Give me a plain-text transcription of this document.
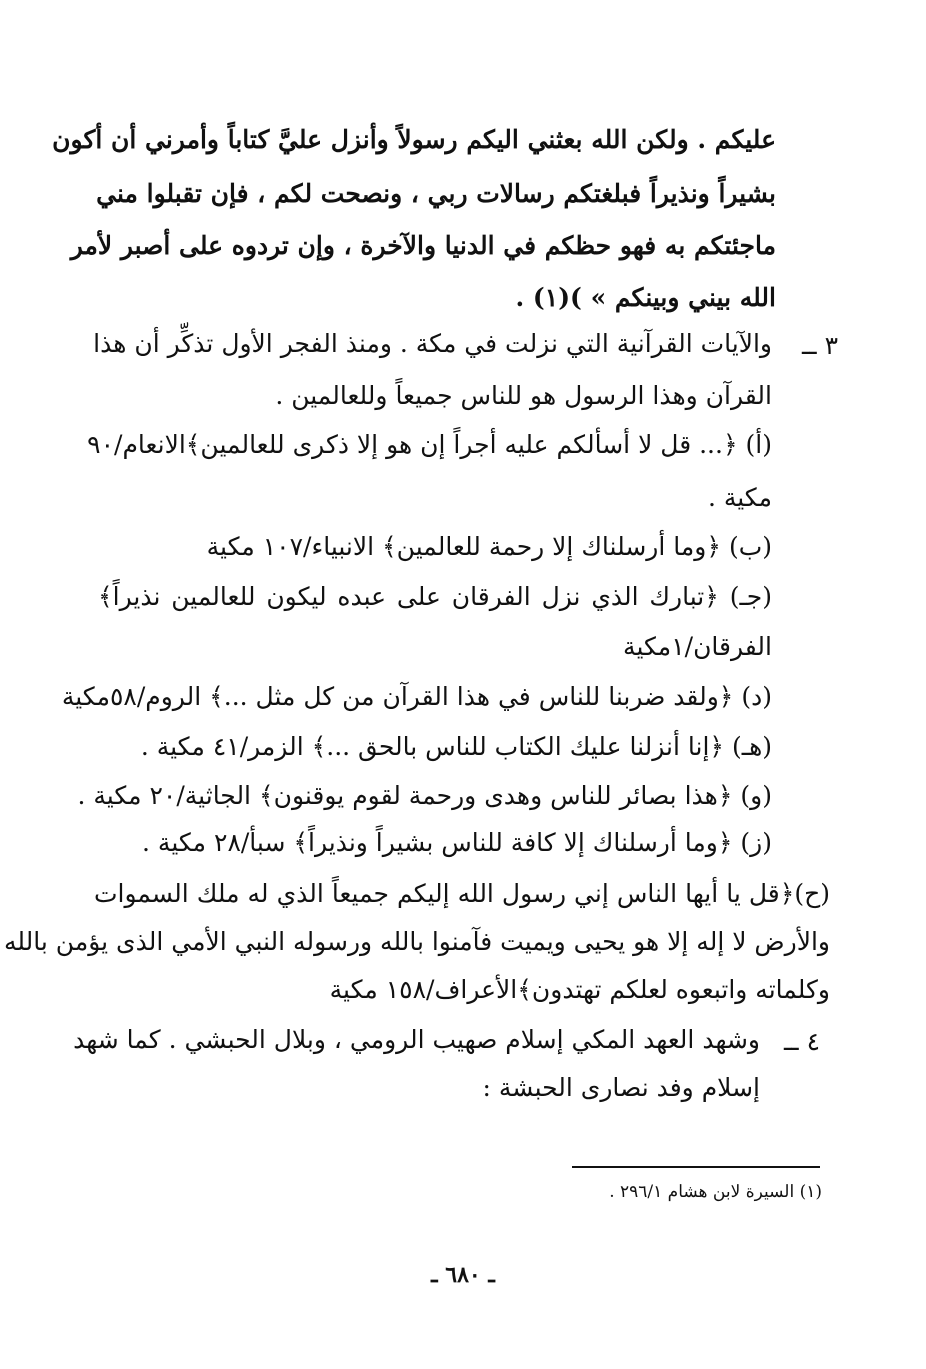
عليكم . ولكن الله بعثني اليكم رسولاً وأنزل عليَّ كتاباً وأمرني أن أكون
بشيراً ونذيراً فبلغتكم رسالات ربي ، ونصحت لكم ، فإن تقبلوا مني
ماجئتكم به فهو حظكم في الدنيا والآخرة ، وإن تردوه على أصبر لأمر
الله بيني وبينكم » )(١) .
٣ ــ
والآيات القرآنية التي نزلت في مكة . ومنذ الفجر الأول تذكِّر أن هذا
القرآن وهذا الرسول هو للناس جميعاً وللعالمين .
(أ) ﴿... قل لا أسألكم عليه أجراً إن هو إلا ذكرى للعالمين﴾الانعام/٩٠
مكية .
(ب) ﴿وما أرسلناك إلا رحمة للعالمين﴾ الانبياء/١٠٧ مكية
(جـ) ﴿تبارك الذي نزل الفرقان على عبده ليكون للعالمين نذيراً﴾
الفرقان/١مكية
(د) ﴿ولقد ضربنا للناس في هذا القرآن من كل مثل ...﴾ الروم/٥٨مكية
(هـ) ﴿إنا أنزلنا عليك الكتاب للناس بالحق ...﴾ الزمر/٤١ مكية .
(و) ﴿هذا بصائر للناس وهدى ورحمة لقوم يوقنون﴾ الجاثية/٢٠ مكية .
(ز) ﴿وما أرسلناك إلا كافة للناس بشيراً ونذيراً﴾ سبأ/٢٨ مكية .
(ح)﴿قل يا أيها الناس إني رسول الله إليكم جميعاً الذي له ملك السموات
والأرض لا إله إلا هو يحيى ويميت فآمنوا بالله ورسوله النبي الأمي الذى يؤمن بالله
وكلماته واتبعوه لعلكم تهتدون﴾الأعراف/١٥٨ مكية
٤ ــ
وشهد العهد المكي إسلام صهيب الرومي ، وبلال الحبشي . كما شهد
إسلام وفد نصارى الحبشة :
(١) السيرة لابن هشام ٢٩٦/١ .
ـ ٦٨٠ ـ
